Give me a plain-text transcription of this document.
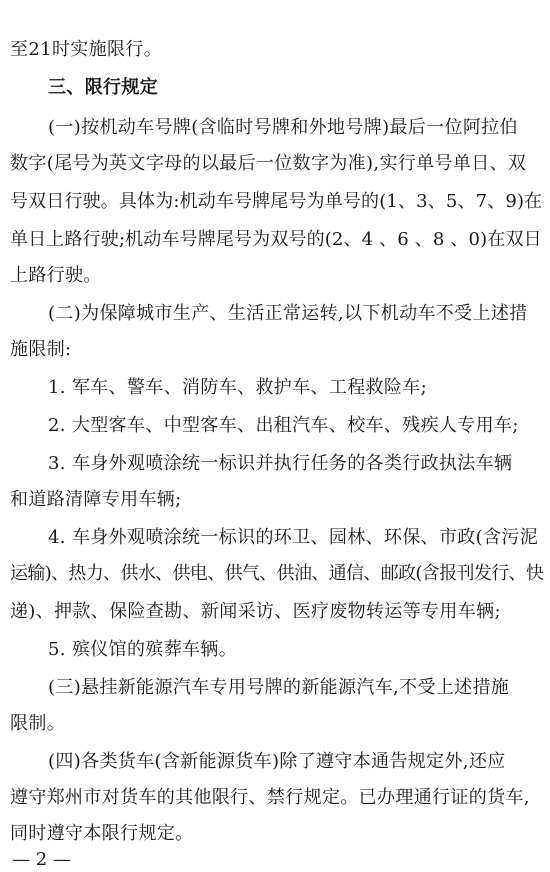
至21时实施限行。
三、限行规定
(一)按机动车号牌(含临时号牌和外地号牌)最后一位阿拉伯
数字(尾号为英文字母的以最后一位数字为准),实行单号单日、双
号双日行驶。具体为:机动车号牌尾号为单号的(1、3、5、7、9)在
单日上路行驶;机动车号牌尾号为双号的(2、4 、6 、8 、0)在双日
上路行驶。
(二)为保障城市生产、生活正常运转,以下机动车不受上述措
施限制:
1. 军车、警车、消防车、救护车、工程救险车;
2. 大型客车、中型客车、出租汽车、校车、残疾人专用车;
3. 车身外观喷涂统一标识并执行任务的各类行政执法车辆
和道路清障专用车辆;
4. 车身外观喷涂统一标识的环卫、园林、环保、市政(含污泥
运输)、热力、供水、供电、供气、供油、通信、邮政(含报刊发行、快
递)、押款、保险查勘、新闻采访、医疗废物转运等专用车辆;
5. 殡仪馆的殡葬车辆。
(三)悬挂新能源汽车专用号牌的新能源汽车,不受上述措施
限制。
(四)各类货车(含新能源货车)除了遵守本通告规定外,还应
遵守郑州市对货车的其他限行、禁行规定。已办理通行证的货车,
同时遵守本限行规定。
— 2 —
